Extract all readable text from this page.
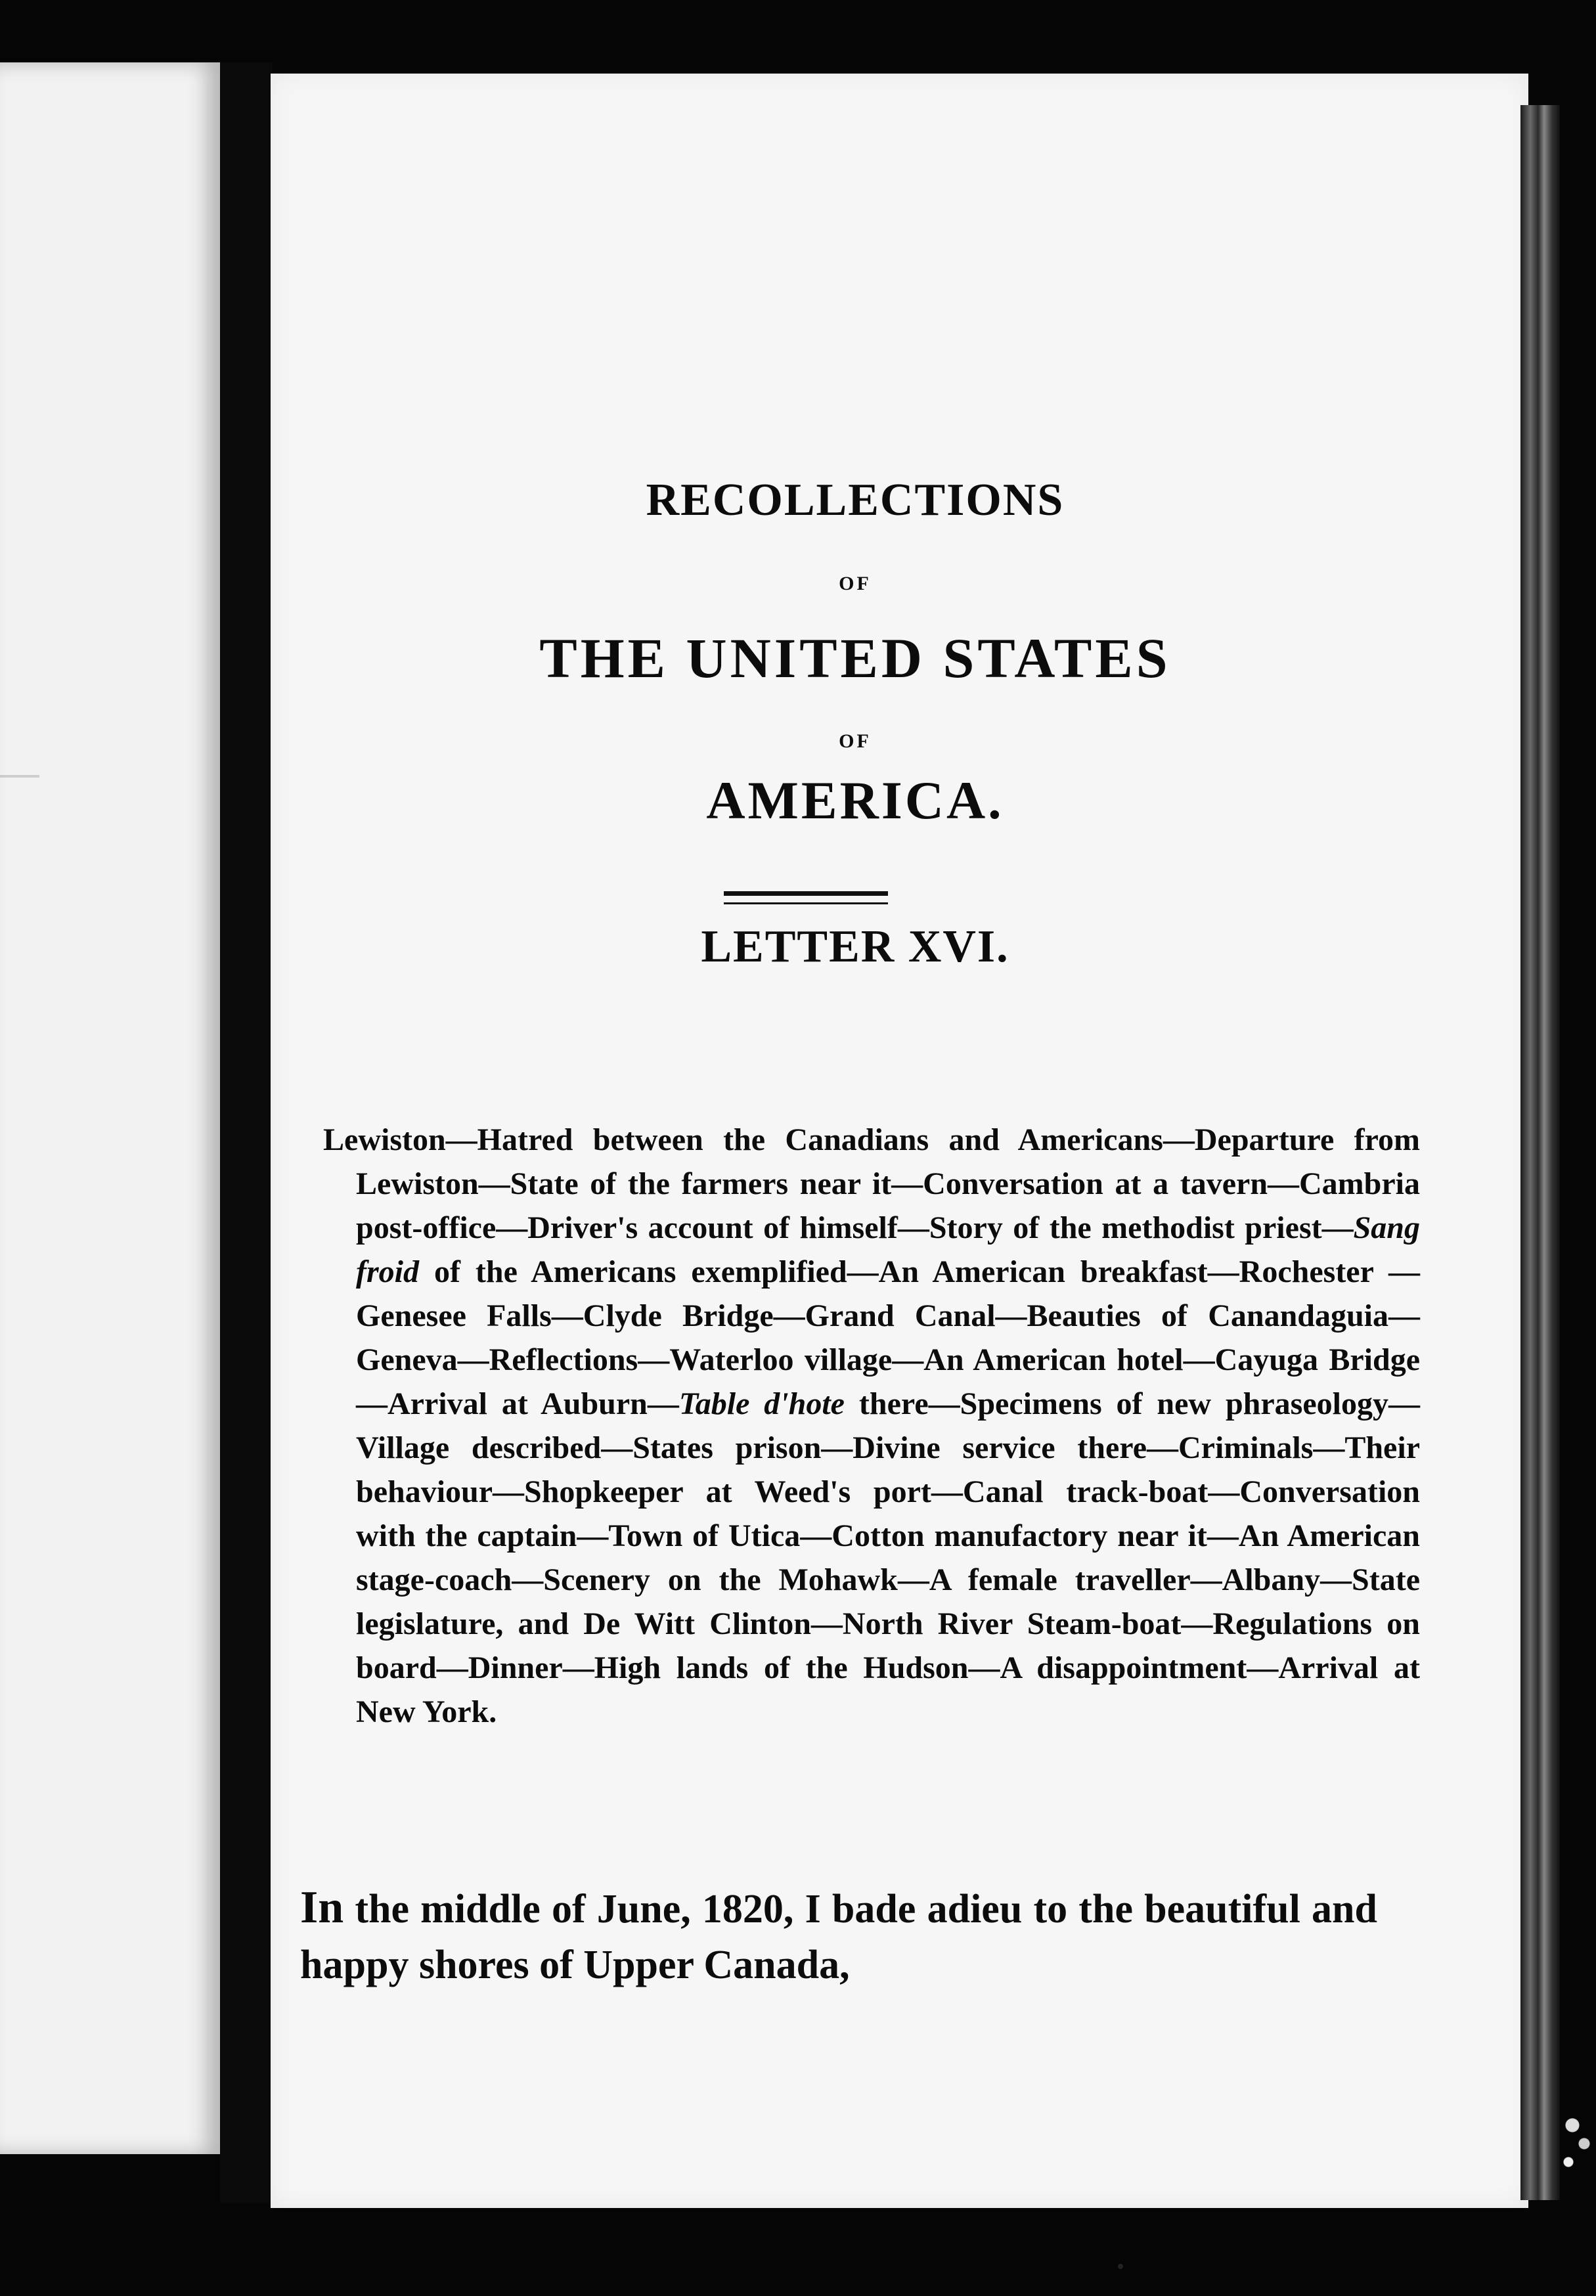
RECOLLECTIONS
OF
THE UNITED STATES
OF
AMERICA.
LETTER XVI.
Lewiston—Hatred between the Canadians and Americans—Departure from Lewiston—State of the farmers near it—Conversation at a tavern—Cambria post-office—Driver's account of himself—Story of the methodist priest—Sang froid of the Americans exemplified—An American breakfast—Rochester —Genesee Falls—Clyde Bridge—Grand Canal—Beauties of Canandaguia—Geneva—Reflections—Waterloo village—An American hotel—Cayuga Bridge—Arrival at Auburn—Table d'hote there—Specimens of new phraseology—Village described—States prison—Divine service there—Criminals—Their behaviour—Shopkeeper at Weed's port—Canal track-boat—Conversation with the captain—Town of Utica—Cotton manufactory near it—An American stage-coach—Scenery on the Mohawk—A female traveller—Albany—State legislature, and De Witt Clinton—North River Steam-boat—Regulations on board—Dinner—High lands of the Hudson—A disappointment—Arrival at New York.
In the middle of June, 1820, I bade adieu to the beautiful and happy shores of Upper Canada,
